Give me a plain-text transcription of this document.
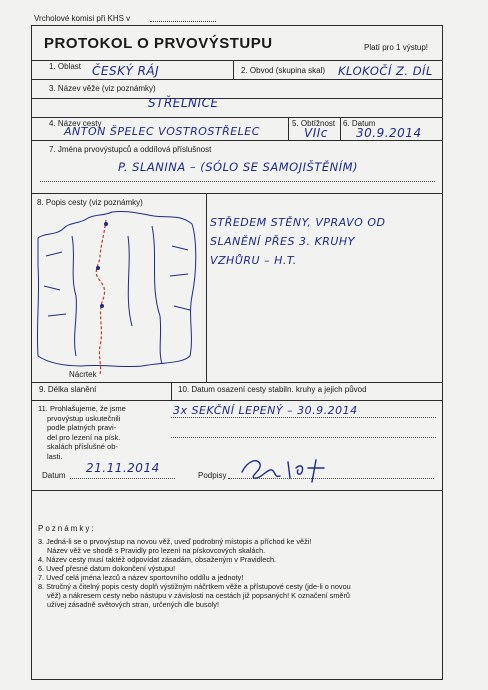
Vrcholové komisi při KHS v
PROTOKOL O PRVOVÝSTUPU	Platí pro 1 výstup!
1. Oblast ČESKÝ RÁJ	2. Obvod (skupina skal) KLOKOČÍ Z. DÍL
3. Název věže (viz poznámky)
STŘELNICE
4. Název cesty
ANTON ŠPELEC VOSTROSTŘELEC
5. Obtížnost
VIIc
6. Datum
30.9.2014
7. Jména prvovýstupců a oddílová příslušnost
P. SLANINA – (SÓLO SE SAMOJIŠTĚNÍM)
8. Popis cesty (viz poznámky)
Nácrtek
STŘEDEM STĚNY, VPRAVO OD
SLANĚNÍ PŘES 3. KRUHY
VZHŮRU – H.T.
9. Délka slanění	10. Datum osazení cesty stabiln. kruhy a jejich původ
3x SEKČNÍ LEPENÝ – 30.9.2014
11. Prohlašujeme, že jsme
prvovýstup uskutečnili
podle platných pravi-
del pro lezení na písk.
skalách příslušné ob-
lasti.
Datum
21.11.2014
Podpisy
Poznámky:
3. Jedná-li se o prvovýstup na novou věž, uveď podrobný místopis a příchod ke věži!
Název věž ve shodě s Pravidly pro lezení na pískovcových skalách.
4. Název cesty musí taktéž odpovídat zásadám, obsaženým v Pravidlech.
6. Uveď přesné datum dokončení výstupu!
7. Uveď celá jména lezců a název sportovního oddílu a jednoty!
8. Stručný a čitelný popis cesty doplň výstižným náčrtkem věže a přístupové cesty (jde-li o novou
věž) a nákresem cesty nebo nástupu v závislosti na cestách již popsaných! K označení směrů
užívej zásadně světových stran, určených dle busoly!
